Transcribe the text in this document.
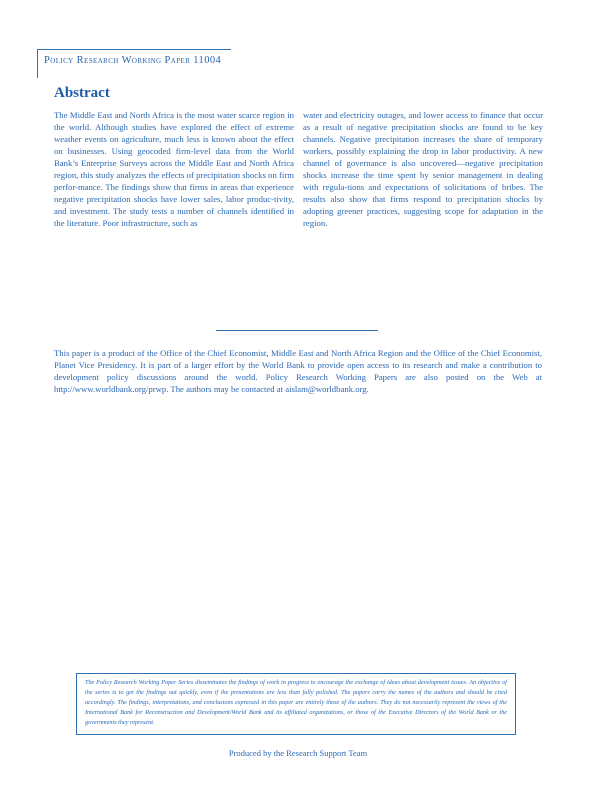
Policy Research Working Paper 11004
Abstract

The Middle East and North Africa is the most water scarce region in the world. Although studies have explored the effect of extreme weather events on agriculture, much less is known about the effect on businesses. Using geocoded firm-level data from the World Bank’s Enterprise Surveys across the Middle East and North Africa region, this study analyzes the effects of precipitation shocks on firm perfor-mance. The findings show that firms in areas that experience negative precipitation shocks have lower sales, labor produc-tivity, and investment. The study tests a number of channels identified in the literature. Poor infrastructure, such as

water and electricity outages, and lower access to finance that occur as a result of negative precipitation shocks are found to be key channels. Negative precipitation increases the share of temporary workers, possibly explaining the drop in labor productivity. A new channel of governance is also uncovered—negative precipitation shocks increase the time spent by senior management in dealing with regula-tions and expectations of solicitations of bribes. The results also show that firms respond to precipitation shocks by adopting greener practices, suggesting scope for adaptation in the region.

This paper is a product of the Office of the Chief Economist, Middle East and North Africa Region and the Office of the Chief Economist, Planet Vice Presidency. It is part of a larger effort by the World Bank to provide open access to its research and make a contribution to development policy discussions around the world. Policy Research Working Papers are also posted on the Web at http://www.worldbank.org/prwp. The authors may be contacted at aislam@worldbank.org.

The Policy Research Working Paper Series disseminates the findings of work in progress to encourage the exchange of ideas about development issues. An objective of the series is to get the findings out quickly, even if the presentations are less than fully polished. The papers carry the names of the authors and should be cited accordingly. The findings, interpretations, and conclusions expressed in this paper are entirely those of the authors. They do not necessarily represent the views of the International Bank for Reconstruction and Development/World Bank and its affiliated organizations, or those of the Executive Directors of the World Bank or the governments they represent.

Produced by the Research Support Team
